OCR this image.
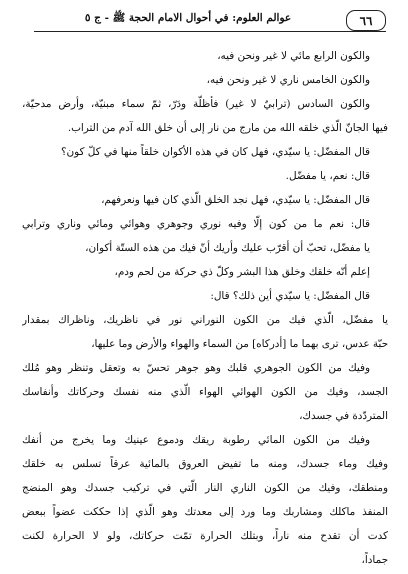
٦٦
عوالم العلوم: في أحوال الامام الحجة ﷺ - ج ٥
والكون الرابع مائي لا غير ونحن فيه،
والكون الخامس ناري لا غير ونحن فيه،
والكون السادس (ترابيٌ لا غير) فأظلّة ودَرّ، ثمّ سماء مبنيّة، وأرض مدحيّة،
فيها الجانّ الّذي خلقه الله من مارج من نار إلى أن خلق الله آدم من التراب.
قال المفضّل: يا سيّدي، فهل كان في هذه الأكوان خلقاً منها في كلّ كون؟
قال: نعم، يا مفضّل.
قال المفضّل: يا سيّدي، فهل نجد الخلق الّذي كان فيها ونعرفهم،
قال: نعم ما من كون إلّا وفيه نوري وجوهري وهوائي ومائي وناري وترابي
يا مفضّل، تحبّ أن أقرّب عليك وأريك أنّ فيك من هذه الستّة أكوان،
إعلم أنّه خلقك وخلق هذا البشر وكلّ ذي حركة من لحم ودم،
قال المفضّل: يا سيّدي أين ذلك؟ قال:
يا مفضّل، الّذي فيك من الكون النوراني نور في ناظريك، وناظراك بمقدار
حبّة عدس، ترى بهما ما [أدركاه] من السماء والهواء والأرض وما عليها،
وفيك من الكون الجوهري قلبك وهو جوهر تحسّ به وتعقل وتنظر وهو مُلك
الجسد، وفيك من الكون الهوائي الهواء الّذي منه نفسك وحركاتك وأنفاسك
المتردّدة في جسدك،
وفيك من الكون المائي رطوبة ريقك ودموع عينيك وما يخرج من أنفك
وفيك وماء جسدك، ومنه ما تفيض العروق بالمائية عرقاً تسلس به خلقك
ومنطقك، وفيك من الكون الناري النار الّتي في تركيب جسدك وهو المنضج
المنفذ ماكلك ومشاربك وما ورد إلى معدتك وهو الّذي إذا حككت عضواً ببعض
كدت أن تقدح منه ناراً، وبتلك الحرارة تمّت حركاتك، ولو لا الحرارة لكنت
جماداً،
